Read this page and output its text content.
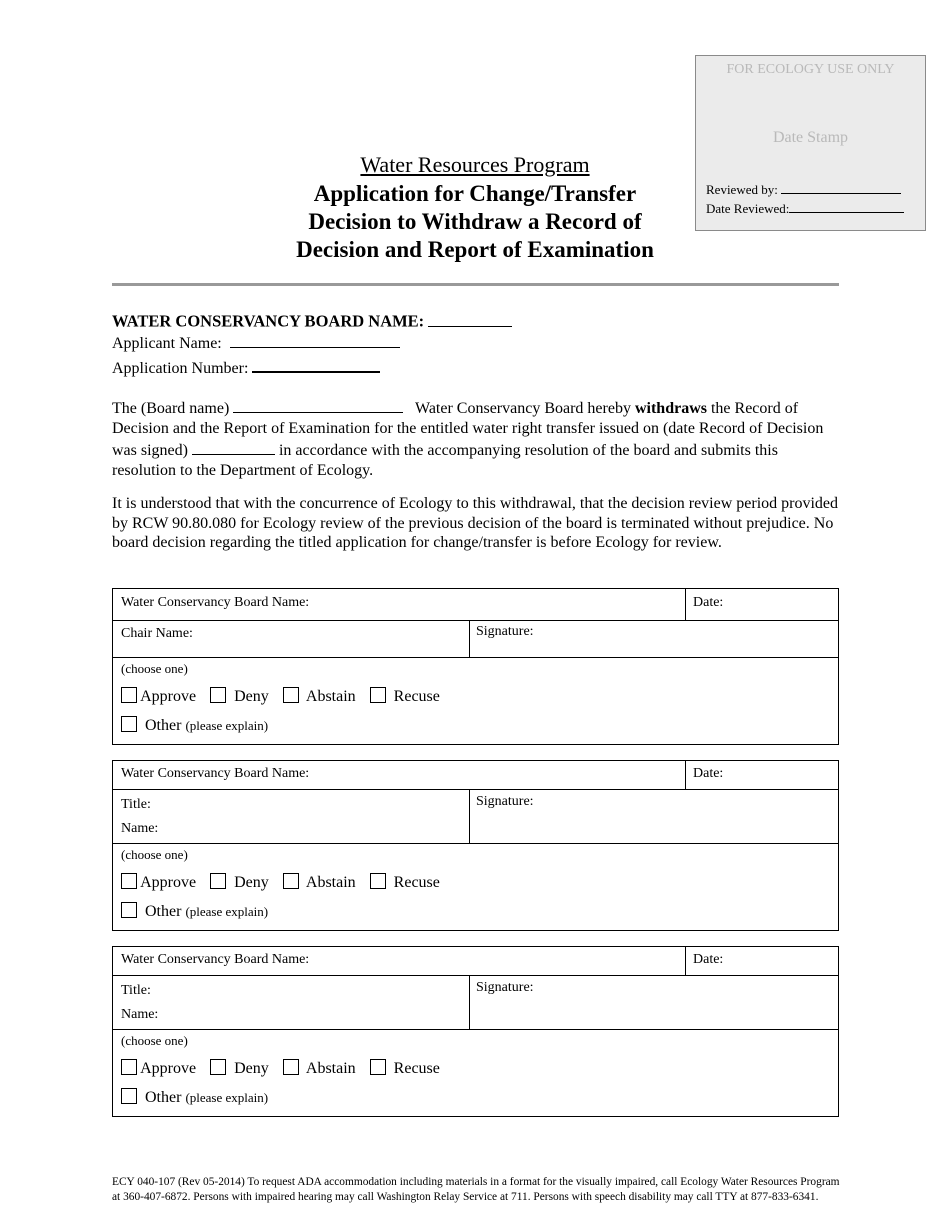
FOR ECOLOGY USE ONLY
Date Stamp
Reviewed by:
Date Reviewed:
Water Resources Program
Application for Change/Transfer
Decision to Withdraw a Record of
Decision and Report of Examination
WATER CONSERVANCY BOARD NAME:
Applicant Name:
Application Number:
The (Board name)	Water Conservancy Board hereby withdraws the Record of Decision and the Report of Examination for the entitled water right transfer issued on (date Record of Decision was signed)	in accordance with the accompanying resolution of the board and submits this resolution to the Department of Ecology.
It is understood that with the concurrence of Ecology to this withdrawal, that the decision review period provided by RCW 90.80.080 for Ecology review of the previous decision of the board is terminated without prejudice. No board decision regarding the titled application for change/transfer is before Ecology for review.
Water Conservancy Board Name:	Date:
Chair Name:	Signature:
(choose one)
Approve Deny Abstain Recuse
Other (please explain)
Water Conservancy Board Name:	Date:
Title:
Name:
Signature:
(choose one)
Approve Deny Abstain Recuse
Other (please explain)
Water Conservancy Board Name:	Date:
Title:
Name:
Signature:
(choose one)
Approve Deny Abstain Recuse
Other (please explain)
ECY 040-107 (Rev 05-2014) To request ADA accommodation including materials in a format for the visually impaired, call Ecology Water Resources Program
at 360-407-6872. Persons with impaired hearing may call Washington Relay Service at 711. Persons with speech disability may call TTY at 877-833-6341.
